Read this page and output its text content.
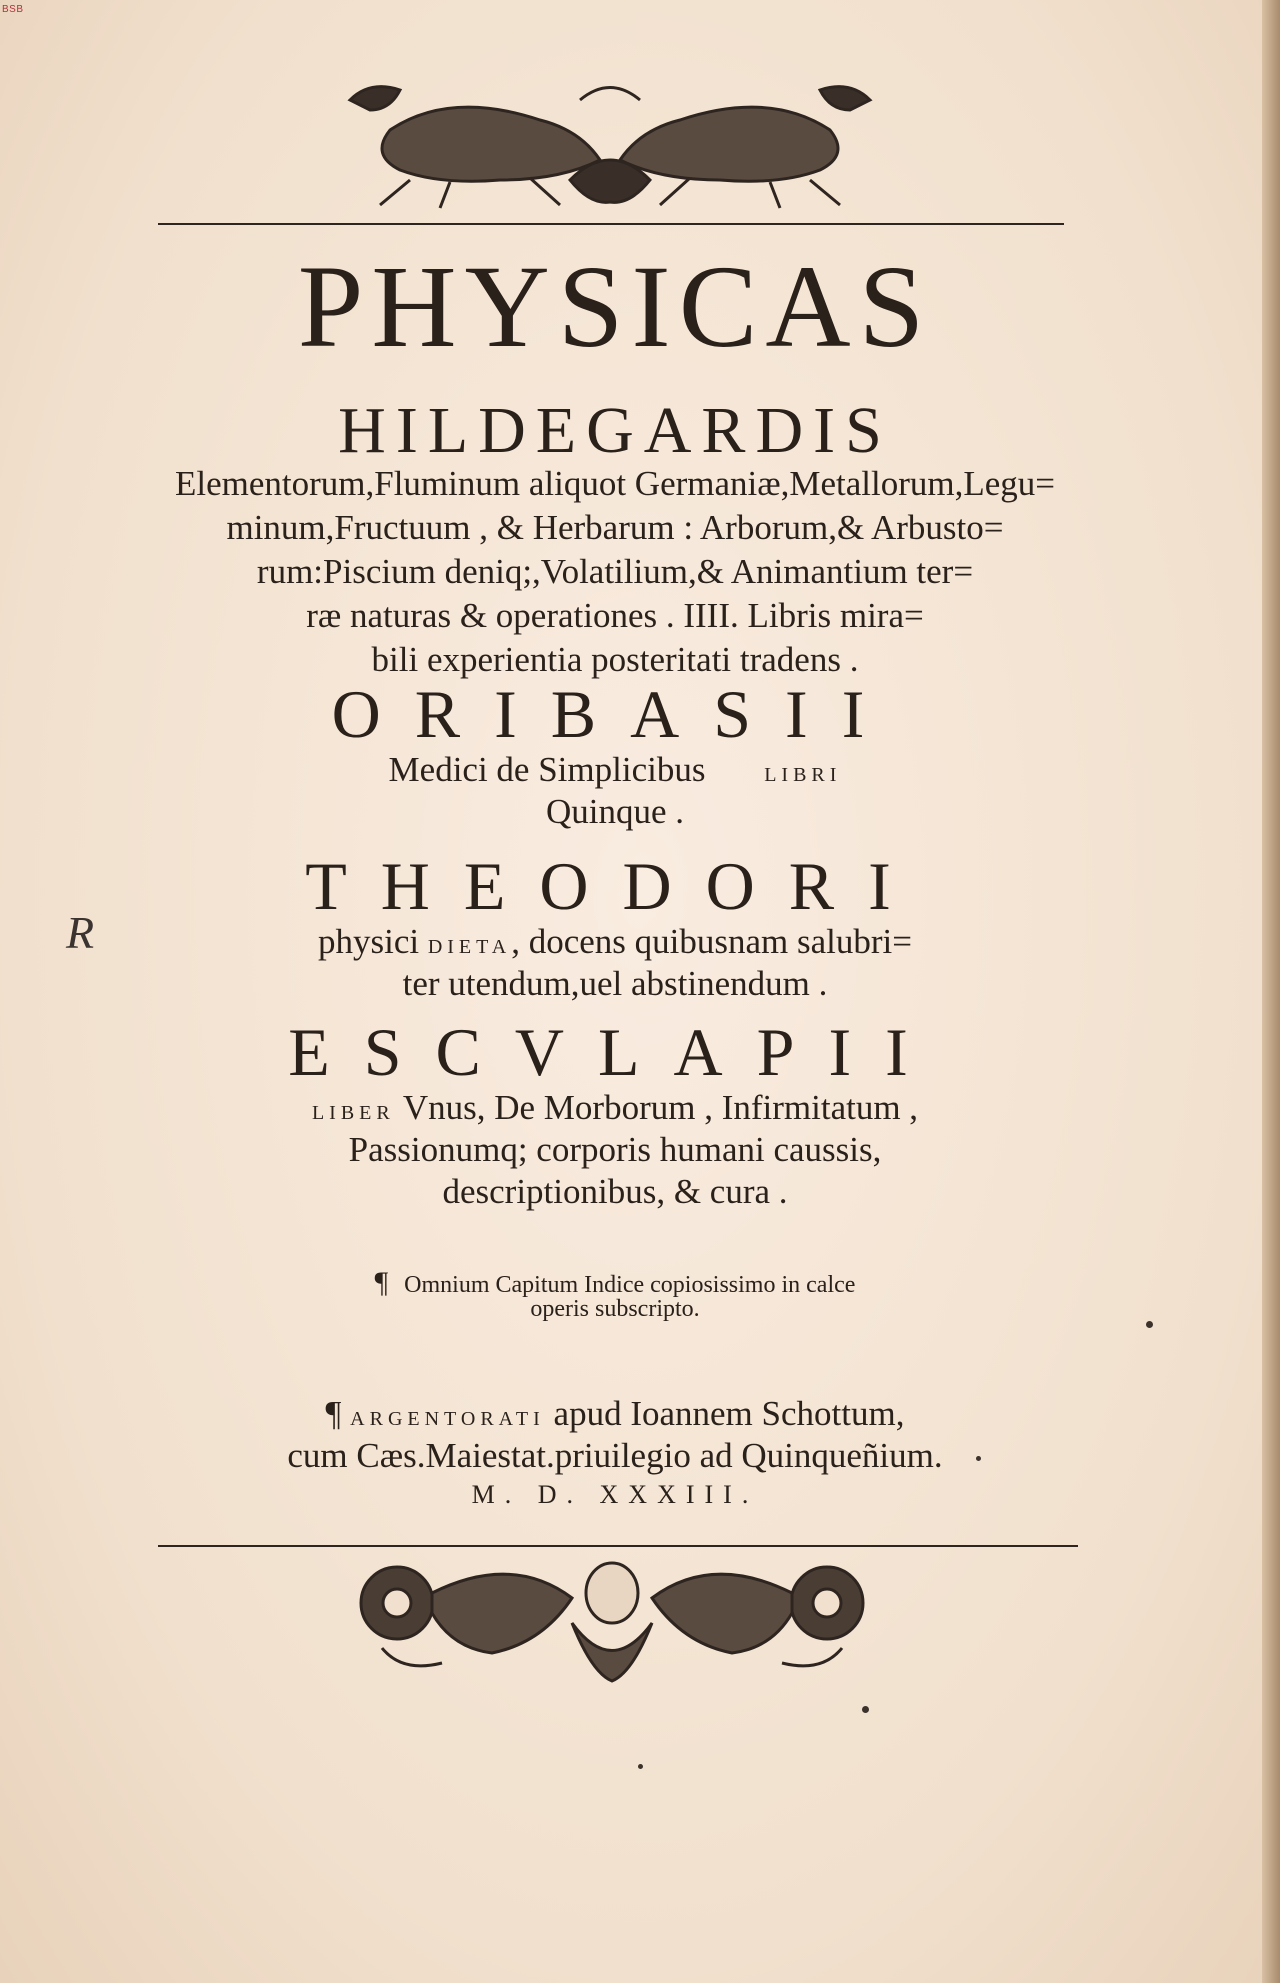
BSB
PHYSICAS
HILDEGARDIS
Elementorum,Fluminum aliquot Germaniæ,Metallorum,Legu=
minum,Fructuum , & Herbarum : Arborum,& Arbusto=
rum:Piscium deniq;,Volatilium,& Animantium ter=
ræ naturas & operationes . IIII. Libris mira=
bili experientia posteritati tradens .
ORIBASII
Medici de Simplicibus	LIBRI
Quinque .
THEODORI
physici DIETA, docens quibusnam salubri=
ter utendum,uel abstinendum .
ESCVLAPII
LIBER Vnus, De Morborum , Infirmitatum ,
Passionumq; corporis humani caussis,
descriptionibus, & cura .
¶ Omnium Capitum Indice copiosissimo in calce
operis subscripto.
¶ ARGENTORATI apud Ioannem Schottum,
cum Cæs.Maiestat.priuilegio ad Quinqueñium.
M. D. XXXIII.
R
